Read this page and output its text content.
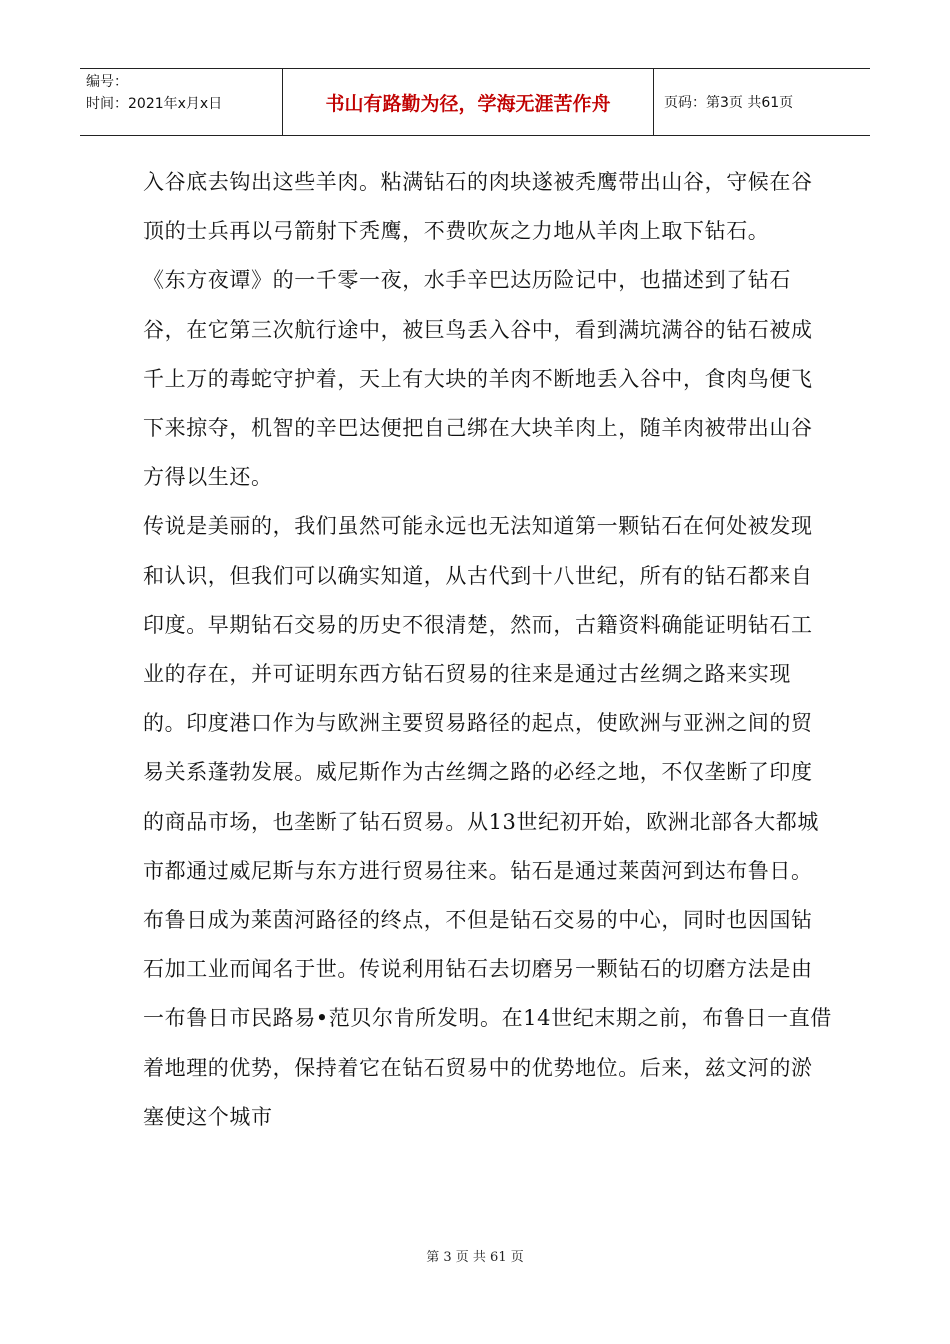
编号：
时间：2021年x月x日	书山有路勤为径，学海无涯苦作舟	页码：第3页 共61页

入谷底去钩出这些羊肉。粘满钻石的肉块遂被秃鹰带出山谷，守候在谷顶的士兵再以弓箭射下秃鹰，不费吹灰之力地从羊肉上取下钻石。

《东方夜谭》的一千零一夜，水手辛巴达历险记中，也描述到了钻石谷，在它第三次航行途中，被巨鸟丢入谷中，看到满坑满谷的钻石被成千上万的毒蛇守护着，天上有大块的羊肉不断地丢入谷中，食肉鸟便飞下来掠夺，机智的辛巴达便把自己绑在大块羊肉上，随羊肉被带出山谷方得以生还。

传说是美丽的，我们虽然可能永远也无法知道第一颗钻石在何处被发现和认识，但我们可以确实知道，从古代到十八世纪，所有的钻石都来自印度。早期钻石交易的历史不很清楚，然而，古籍资料确能证明钻石工业的存在，并可证明东西方钻石贸易的往来是通过古丝绸之路来实现的。印度港口作为与欧洲主要贸易路径的起点，使欧洲与亚洲之间的贸易关系蓬勃发展。威尼斯作为古丝绸之路的必经之地，不仅垄断了印度的商品市场，也垄断了钻石贸易。从13世纪初开始，欧洲北部各大都城市都通过威尼斯与东方进行贸易往来。钻石是通过莱茵河到达布鲁日。布鲁日成为莱茵河路径的终点，不但是钻石交易的中心，同时也因国钻石加工业而闻名于世。传说利用钻石去切磨另一颗钻石的切磨方法是由一布鲁日市民路易•范贝尔肯所发明。在14世纪末期之前，布鲁日一直借着地理的优势，保持着它在钻石贸易中的优势地位。后来，兹文河的淤塞使这个城市

第 3 页 共 61 页
